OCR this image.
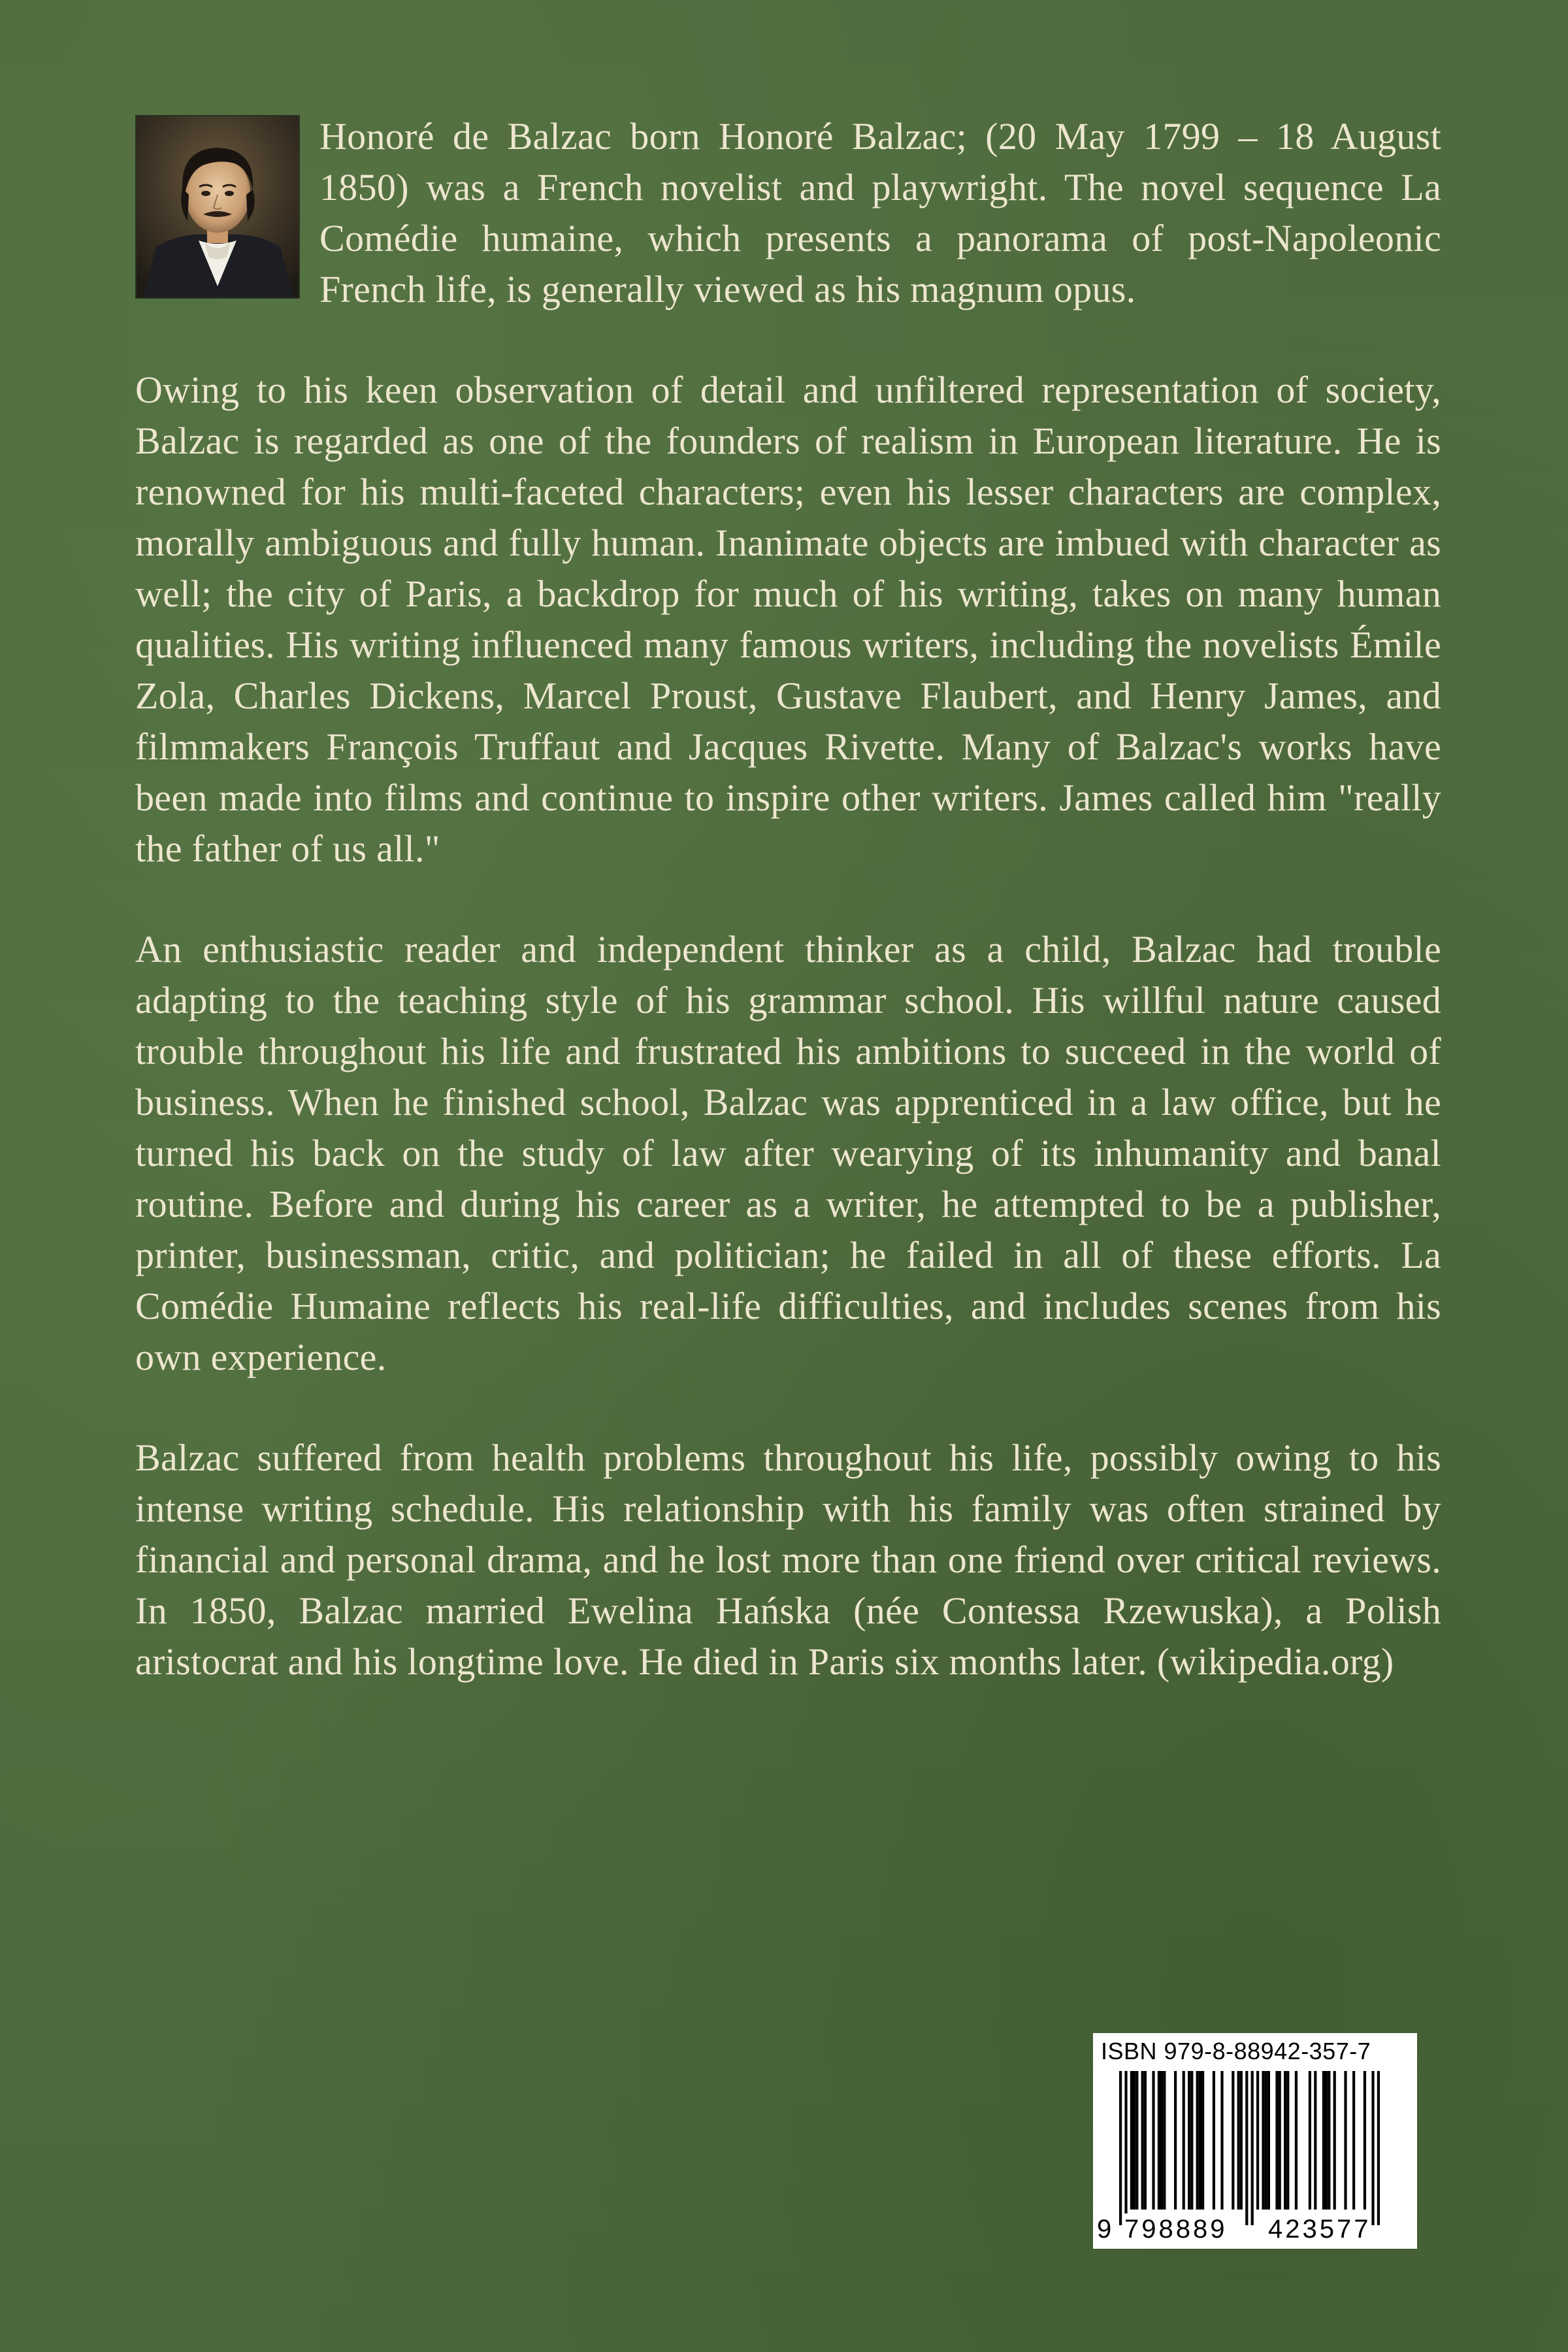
Honoré de Balzac born Honoré Balzac; (20 May 1799 – 18 August 1850) was a French novelist and playwright. The novel sequence La Comédie humaine, which presents a panorama of post-Napoleonic French life, is generally viewed as his magnum opus.

Owing to his keen observation of detail and unfiltered representation of society, Balzac is regarded as one of the founders of realism in European literature. He is renowned for his multi-faceted characters; even his lesser characters are complex, morally ambiguous and fully human. Inanimate objects are imbued with character as well; the city of Paris, a backdrop for much of his writing, takes on many human qualities. His writing influenced many famous writers, including the novelists Émile Zola, Charles Dickens, Marcel Proust, Gustave Flaubert, and Henry James, and filmmakers François Truffaut and Jacques Rivette. Many of Balzac's works have been made into films and continue to inspire other writers. James called him "really the father of us all."

An enthusiastic reader and independent thinker as a child, Balzac had trouble adapting to the teaching style of his grammar school. His willful nature caused trouble throughout his life and frustrated his ambitions to succeed in the world of business. When he finished school, Balzac was apprenticed in a law office, but he turned his back on the study of law after wearying of its inhumanity and banal routine. Before and during his career as a writer, he attempted to be a publisher, printer, businessman, critic, and politician; he failed in all of these efforts. La Comédie Humaine reflects his real-life difficulties, and includes scenes from his own experience.

Balzac suffered from health problems throughout his life, possibly owing to his intense writing schedule. His relationship with his family was often strained by financial and personal drama, and he lost more than one friend over critical reviews. In 1850, Balzac married Ewelina Hańska (née Contessa Rzewuska), a Polish aristocrat and his longtime love. He died in Paris six months later. (wikipedia.org)

ISBN 979-8-88942-357-7
9 798889 423577
